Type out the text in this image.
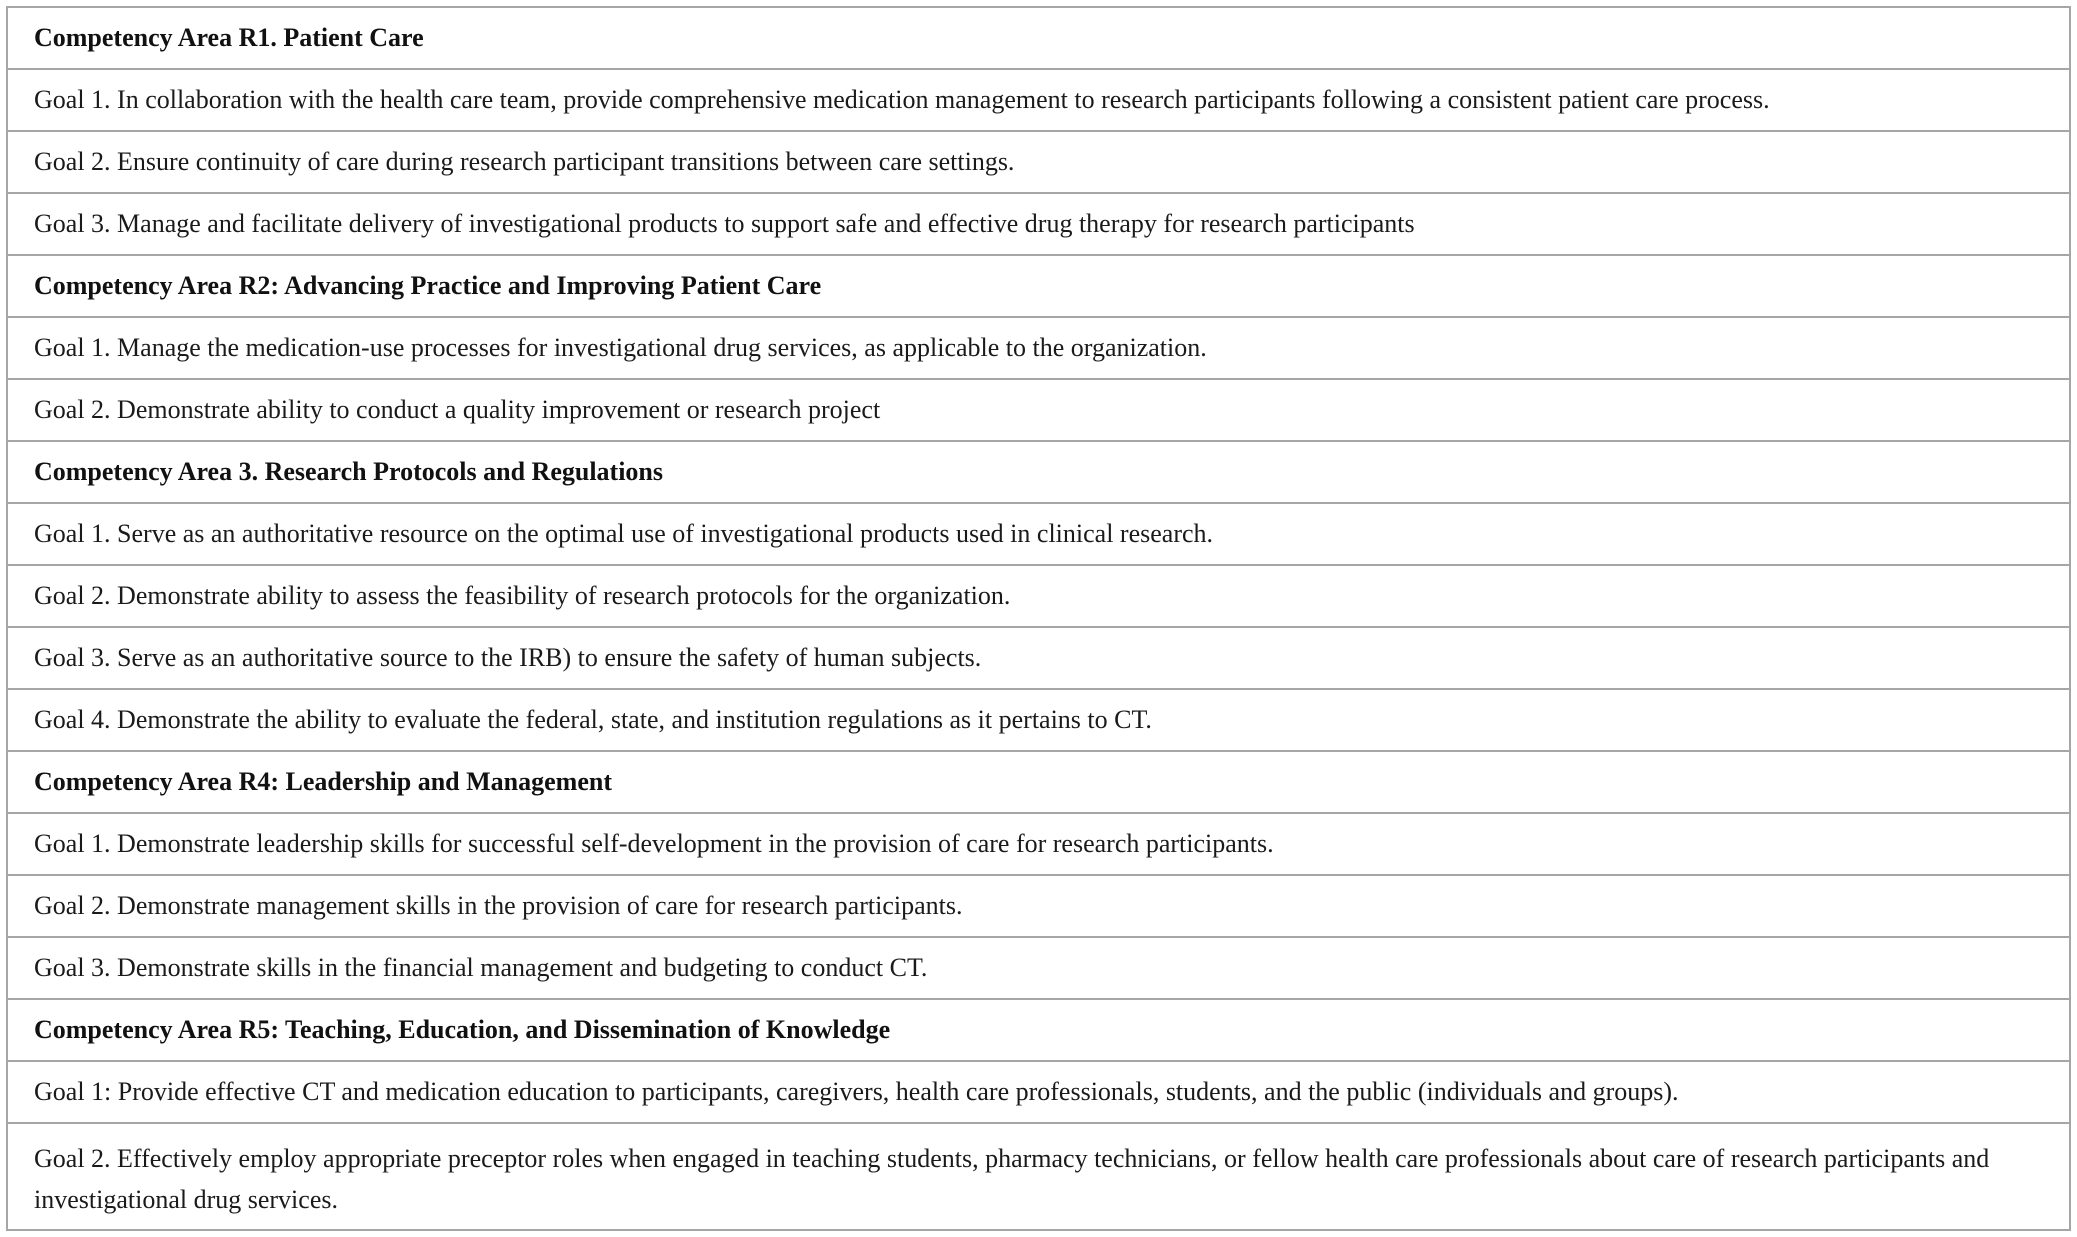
Competency Area R1. Patient Care
Goal 1. In collaboration with the health care team, provide comprehensive medication management to research participants following a consistent patient care process.
Goal 2. Ensure continuity of care during research participant transitions between care settings.
Goal 3. Manage and facilitate delivery of investigational products to support safe and effective drug therapy for research participants
Competency Area R2: Advancing Practice and Improving Patient Care
Goal 1. Manage the medication-use processes for investigational drug services, as applicable to the organization.
Goal 2. Demonstrate ability to conduct a quality improvement or research project
Competency Area 3. Research Protocols and Regulations
Goal 1. Serve as an authoritative resource on the optimal use of investigational products used in clinical research.
Goal 2. Demonstrate ability to assess the feasibility of research protocols for the organization.
Goal 3. Serve as an authoritative source to the IRB) to ensure the safety of human subjects.
Goal 4. Demonstrate the ability to evaluate the federal, state, and institution regulations as it pertains to CT.
Competency Area R4: Leadership and Management
Goal 1. Demonstrate leadership skills for successful self-development in the provision of care for research participants.
Goal 2. Demonstrate management skills in the provision of care for research participants.
Goal 3. Demonstrate skills in the financial management and budgeting to conduct CT.
Competency Area R5: Teaching, Education, and Dissemination of Knowledge
Goal 1: Provide effective CT and medication education to participants, caregivers, health care professionals, students, and the public (individuals and groups).
Goal 2. Effectively employ appropriate preceptor roles when engaged in teaching students, pharmacy technicians, or fellow health care professionals about care of research participants and investigational drug services.
